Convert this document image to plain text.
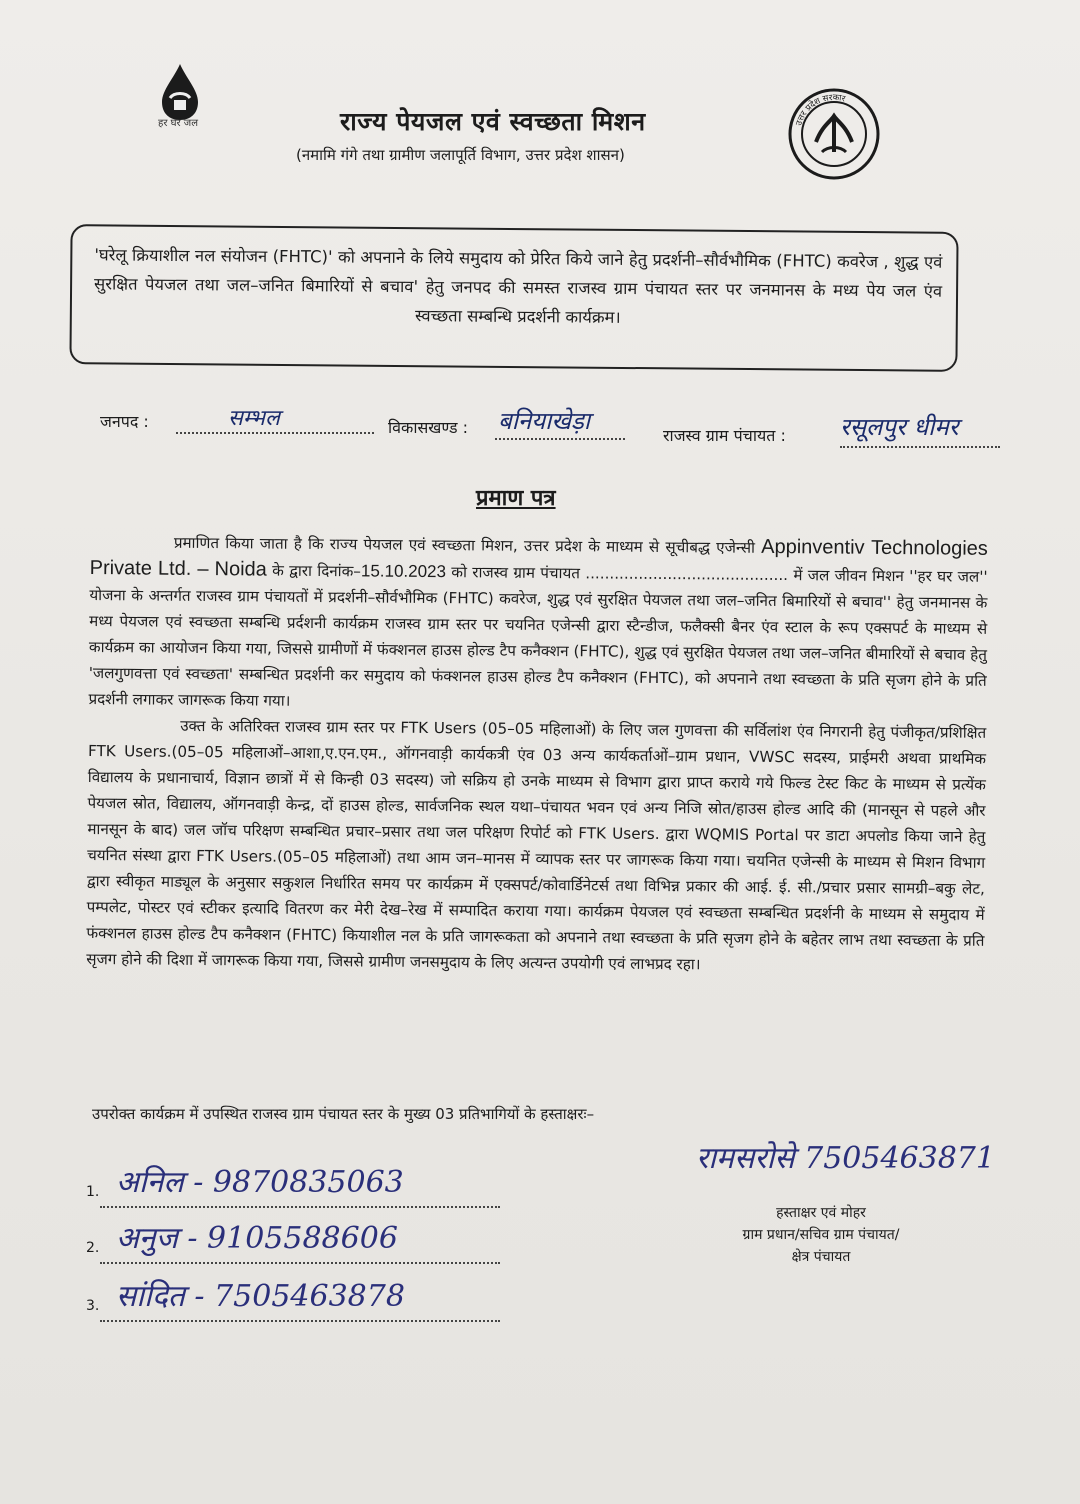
हर घर जल	राज्य पेयजल एवं स्वच्छता मिशन
(नमामि गंगे तथा ग्रामीण जलापूर्ति विभाग, उत्तर प्रदेश शासन)
उत्तर प्रदेश सरकार

'घरेलू क्रियाशील नल संयोजन (FHTC)' को अपनाने के लिये समुदाय को प्रेरित किये जाने हेतु प्रदर्शनी–सौर्वभौमिक (FHTC) कवरेज , शुद्ध एवं सुरक्षित पेयजल तथा जल–जनित बिमारियों से बचाव' हेतु जनपद की समस्त राजस्व ग्राम पंचायत स्तर पर जनमानस के मध्य पेय जल एंव स्वच्छता सम्बन्धि प्रदर्शनी कार्यक्रम।

जनपद :	सम्भल	विकासखण्ड : बनियाखेड़ा
राजस्व ग्राम पंचायत : रसूलपुर धीमर
प्रमाण पत्र

प्रमाणित किया जाता है कि राज्य पेयजल एवं स्वच्छता मिशन, उत्तर प्रदेश के माध्यम से सूचीबद्ध एजेन्सी Appinventiv Technologies Private Ltd. – Noida के द्वारा दिनांक–15.10.2023 को राजस्व ग्राम पंचायत .......................................... में जल जीवन मिशन ''हर घर जल'' योजना के अन्तर्गत राजस्व ग्राम पंचायतों में प्रदर्शनी–सौर्वभौमिक (FHTC) कवरेज, शुद्ध एवं सुरक्षित पेयजल तथा जल–जनित बिमारियों से बचाव'' हेतु जनमानस के मध्य पेयजल एवं स्वच्छता सम्बन्धि प्रर्दशनी कार्यक्रम राजस्व ग्राम स्तर पर चयनित एजेन्सी द्वारा स्टैन्डीज, फलैक्सी बैनर एंव स्टाल के रूप एक्सपर्ट के माध्यम से कार्यक्रम का आयोजन किया गया, जिससे ग्रामीणों में फंक्शनल हाउस होल्ड टैप कनैक्शन (FHTC), शुद्ध एवं सुरक्षित पेयजल तथा जल–जनित बीमारियों से बचाव हेतु 'जलगुणवत्ता एवं स्वच्छता' सम्बन्धित प्रदर्शनी कर समुदाय को फंक्शनल हाउस होल्ड टैप कनैक्शन (FHTC), को अपनाने तथा स्वच्छता के प्रति सृजग होने के प्रति प्रदर्शनी लगाकर जागरूक किया गया।

उक्त के अतिरिक्त राजस्व ग्राम स्तर पर FTK Users (05–05 महिलाओं) के लिए जल गुणवत्ता की सर्विलांश एंव निगरानी हेतु पंजीकृत/प्रशिक्षित FTK Users.(05–05 महिलाओं–आशा,ए.एन.एम., ऑगनवाड़ी कार्यकत्री एंव 03 अन्य कार्यकर्ताओं–ग्राम प्रधान, VWSC सदस्य, प्राईमरी अथवा प्राथमिक विद्यालय के प्रधानाचार्य, विज्ञान छात्रों में से किन्ही 03 सदस्य) जो सक्रिय हो उनके माध्यम से विभाग द्वारा प्राप्त कराये गये फिल्ड टेस्ट किट के माध्यम से प्रत्येंक पेयजल स्रोत, विद्यालय, ऑगनवाड़ी केन्द्र, दों हाउस होल्ड, सार्वजनिक स्थल यथा–पंचायत भवन एवं अन्य निजि स्रोत/हाउस होल्ड आदि की (मानसून से पहले और मानसून के बाद) जल जॉच परिक्षण सम्बन्धित प्रचार–प्रसार तथा जल परिक्षण रिपोर्ट को FTK Users. द्वारा WQMIS Portal पर डाटा अपलोड किया जाने हेतु चयनित संस्था द्वारा FTK Users.(05–05 महिलाओं) तथा आम जन–मानस में व्यापक स्तर पर जागरूक किया गया। चयनित एजेन्सी के माध्यम से मिशन विभाग द्वारा स्वीकृत माड्यूल के अनुसार सकुशल निर्धारित समय पर कार्यक्रम में एक्सपर्ट/कोवार्डिनेटर्स तथा विभिन्न प्रकार की आई. ई. सी./प्रचार प्रसार सामग्री–बकु लेट, पम्पलेट, पोस्टर एवं स्टीकर इत्यादि वितरण कर मेरी देख–रेख में सम्पादित कराया गया। कार्यक्रम पेयजल एवं स्वच्छता सम्बन्धित प्रदर्शनी के माध्यम से समुदाय में फंक्शनल हाउस होल्ड टैप कनैक्शन (FHTC) कियाशील नल के प्रति जागरूकता को अपनाने तथा स्वच्छता के प्रति सृजग होने के बहेतर लाभ तथा स्वच्छता के प्रति सृजग होने की दिशा में जागरूक किया गया, जिससे ग्रामीण जनसमुदाय के लिए अत्यन्त उपयोगी एवं लाभप्रद रहा।

उपरोक्त कार्यक्रम में उपस्थित राजस्व ग्राम पंचायत स्तर के मुख्य 03 प्रतिभागियों के हस्ताक्षरः–
1. अनिल - 9870835063
2. अनुज - 9105588606
3. सांदित - 7505463878
रामसरोसे 7505463871
हस्ताक्षर एवं मोहर
ग्राम प्रधान/सचिव ग्राम पंचायत/
क्षेत्र पंचायत
